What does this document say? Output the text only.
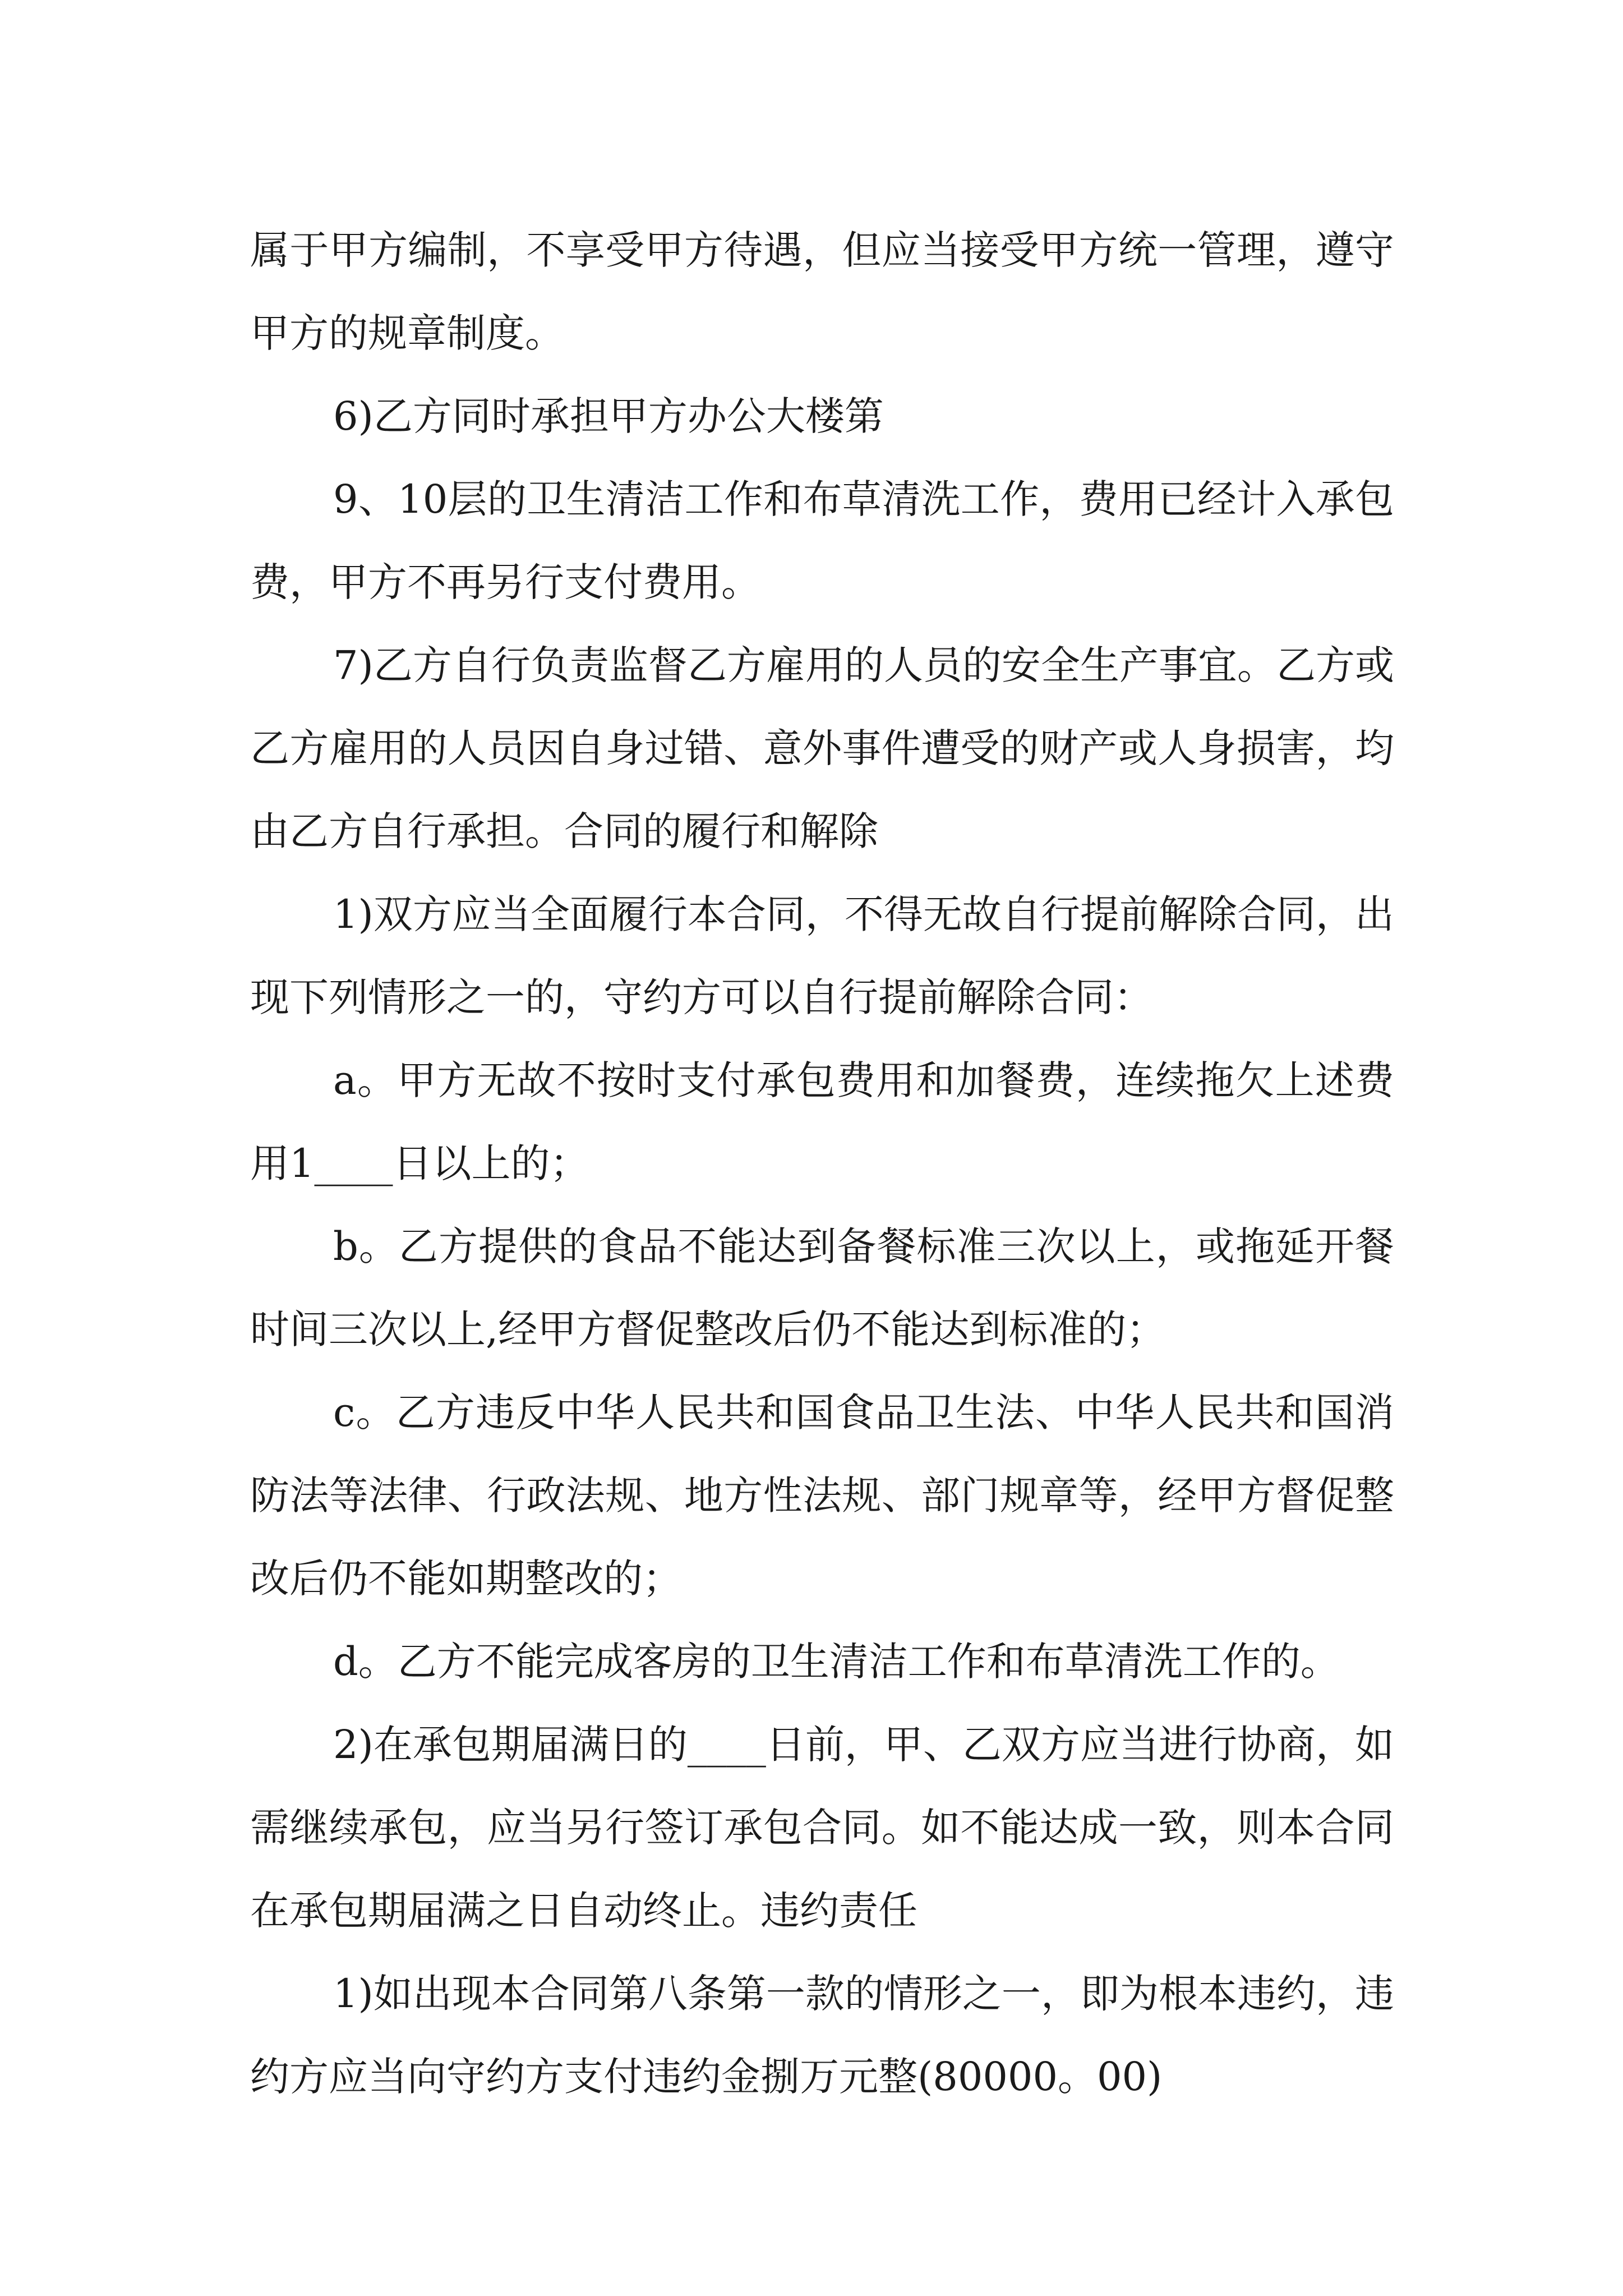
属于甲方编制，不享受甲方待遇，但应当接受甲方统一管理，遵守甲方的规章制度。

6)乙方同时承担甲方办公大楼第

9、10层的卫生清洁工作和布草清洗工作，费用已经计入承包费，甲方不再另行支付费用。

7)乙方自行负责监督乙方雇用的人员的安全生产事宜。乙方或乙方雇用的人员因自身过错、意外事件遭受的财产或人身损害，均由乙方自行承担。合同的履行和解除

1)双方应当全面履行本合同，不得无故自行提前解除合同，出现下列情形之一的，守约方可以自行提前解除合同：

a。甲方无故不按时支付承包费用和加餐费，连续拖欠上述费用1____日以上的；

b。乙方提供的食品不能达到备餐标准三次以上，或拖延开餐时间三次以上,经甲方督促整改后仍不能达到标准的；

c。乙方违反中华人民共和国食品卫生法、中华人民共和国消防法等法律、行政法规、地方性法规、部门规章等，经甲方督促整改后仍不能如期整改的；

d。乙方不能完成客房的卫生清洁工作和布草清洗工作的。

2)在承包期届满日的____日前，甲、乙双方应当进行协商，如需继续承包，应当另行签订承包合同。如不能达成一致，则本合同在承包期届满之日自动终止。违约责任

1)如出现本合同第八条第一款的情形之一，即为根本违约，违约方应当向守约方支付违约金捌万元整(80000。00)
